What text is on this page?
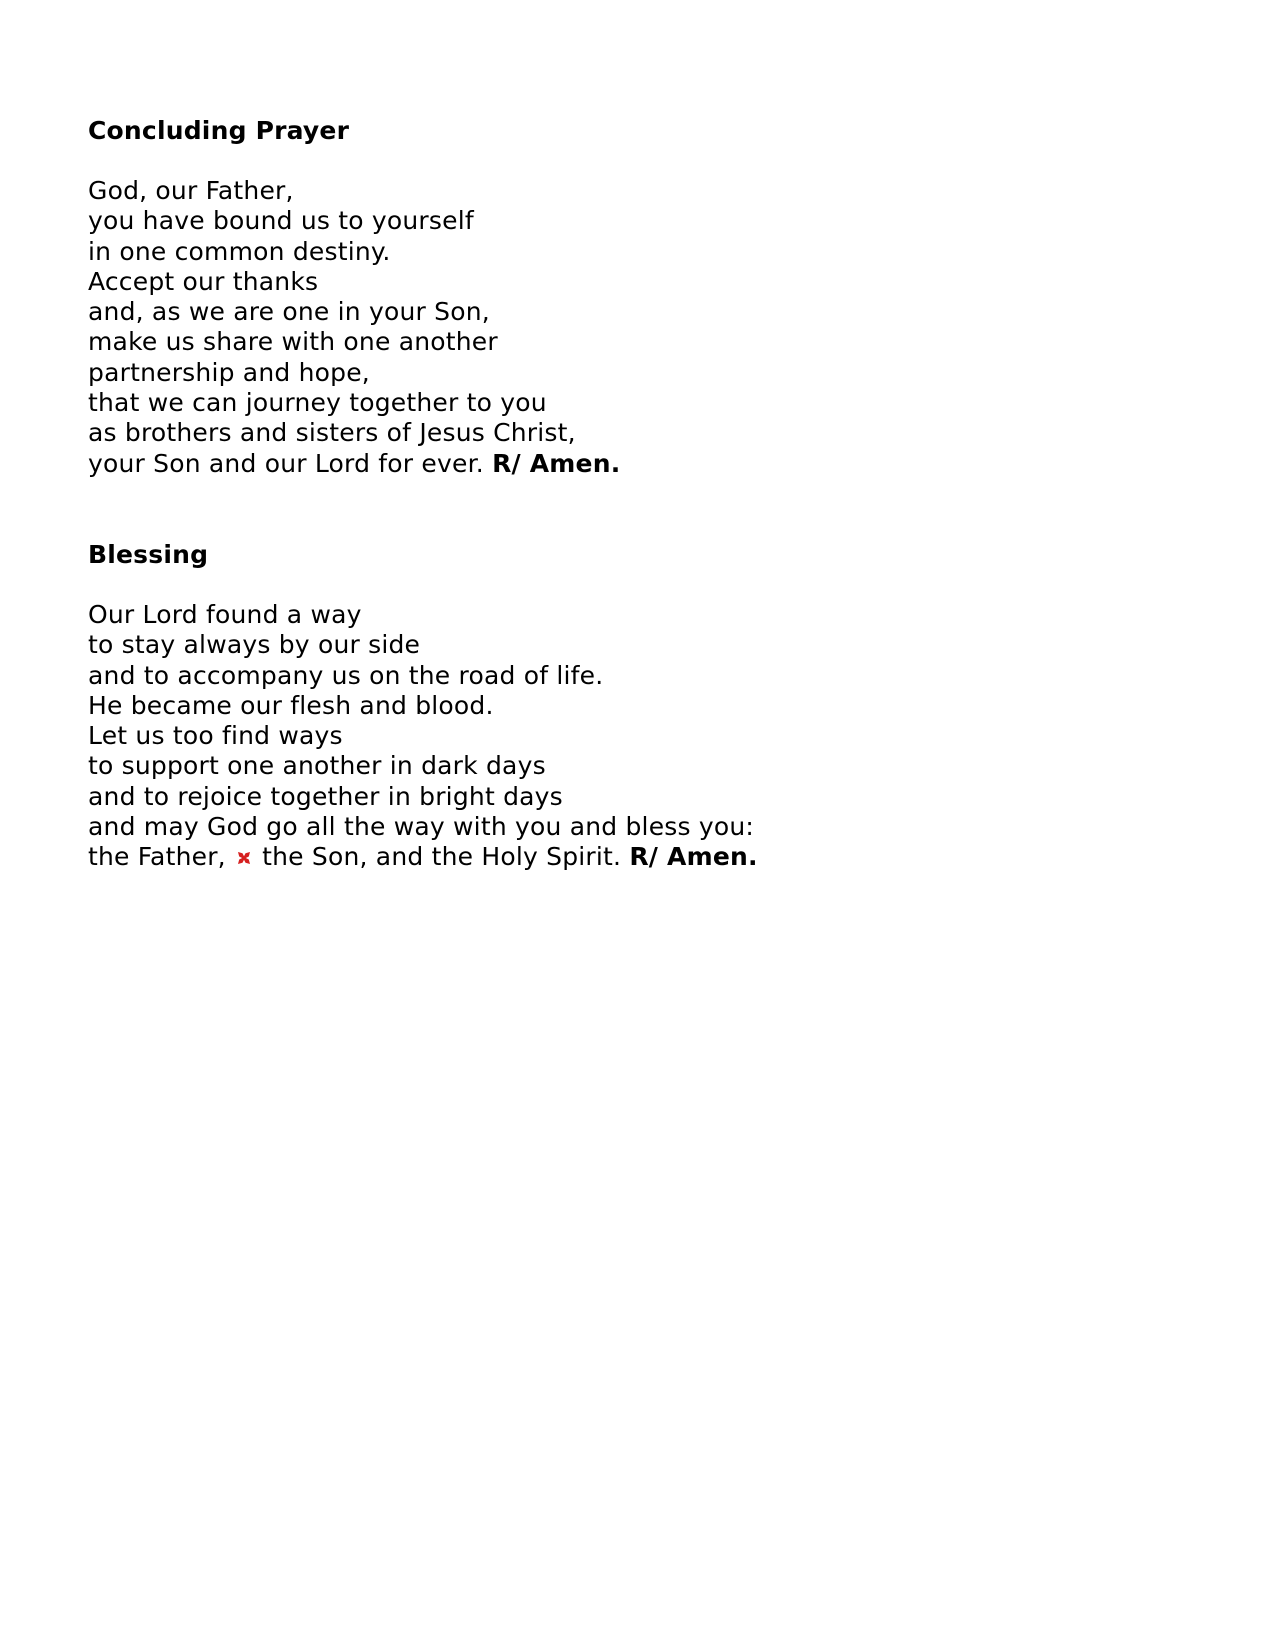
Concluding Prayer
God, our Father,
you have bound us to yourself
in one common destiny.
Accept our thanks
and, as we are one in your Son,
make us share with one another
partnership and hope,
that we can journey together to you
as brothers and sisters of Jesus Christ,
your Son and our Lord for ever. R/ Amen.
Blessing
Our Lord found a way
to stay always by our side
and to accompany us on the road of life.
He became our flesh and blood.
Let us too find ways
to support one another in dark days
and to rejoice together in bright days
and may God go all the way with you and bless you:
the Father,  the Son, and the Holy Spirit. R/ Amen.
